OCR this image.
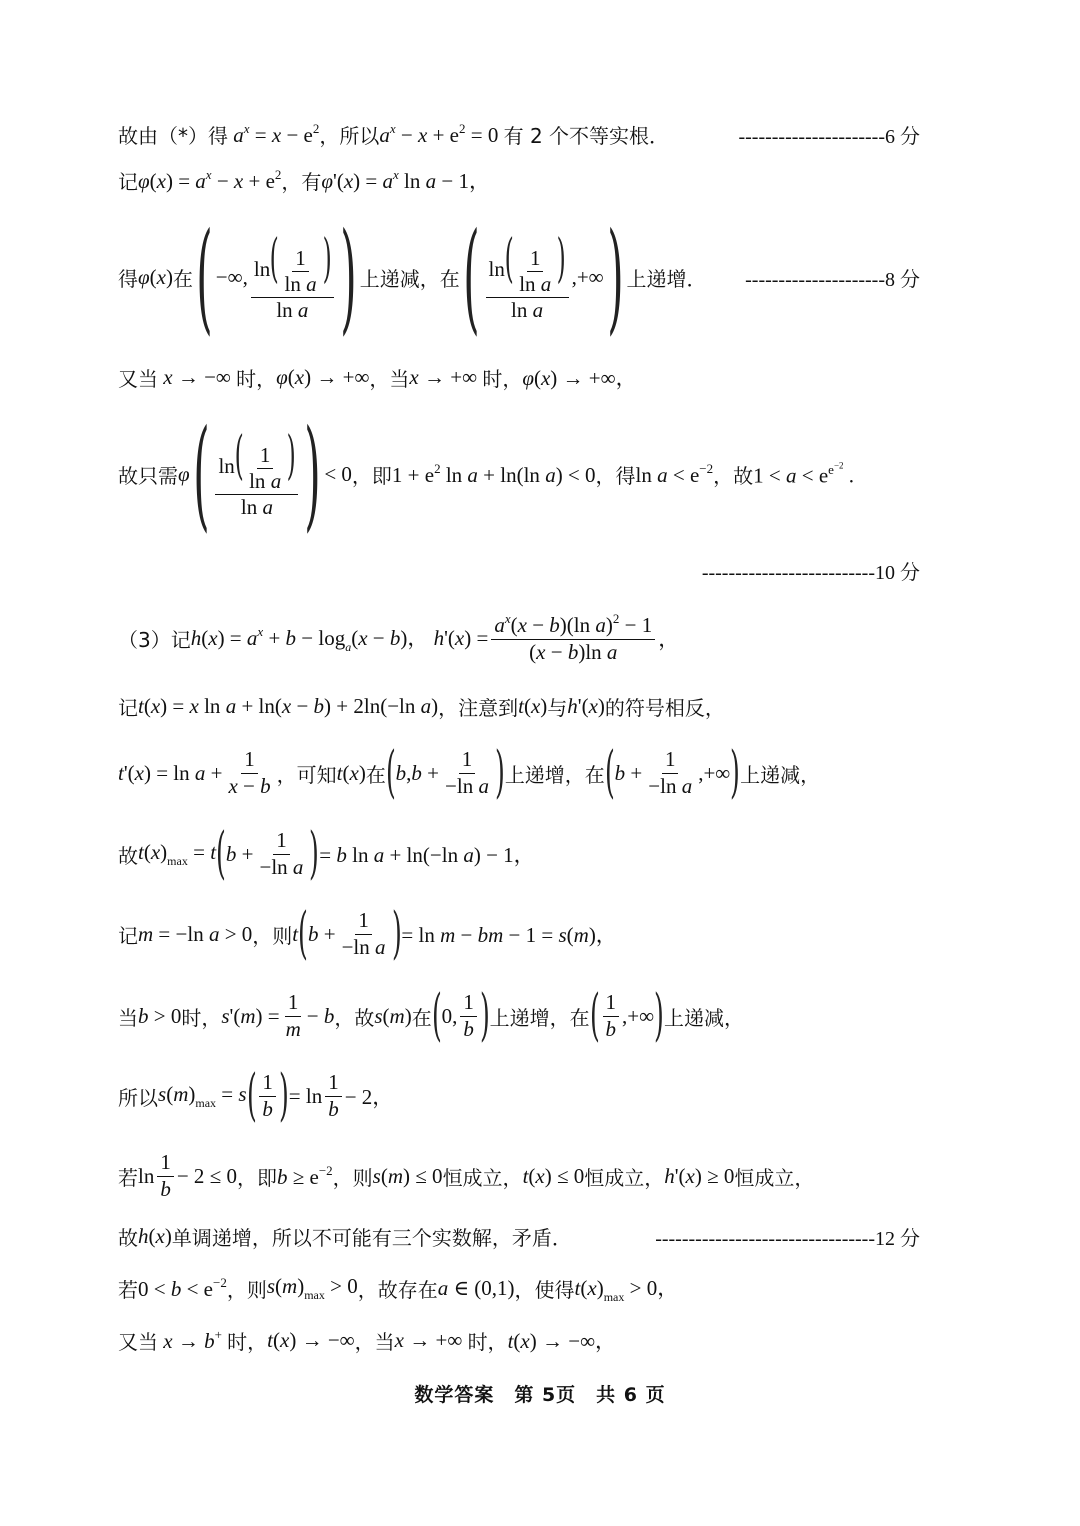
故由（*）得 $a^x = x - e^2$ ，所以 $a^x - x + e^2 = 0$ 有 2 个不等实根．	----------------------6 分
记 $\varphi(x) = a^x - x + e^2$ ，有 $\varphi'(x) = a^x$ ln a − 1，
得 φ(x) 在 ( −∞, $\frac{\ln( \frac{1}{\text{ln a}} )}{\text{ln a}}$ ) 上递减，在 ( $\frac{\ln( \frac{1}{\text{ln a}} )}{\text{ln a}}$ ,+∞ ) 上递增． ---------------------8 分
又当 x → −∞ 时， φ(x) → +∞ ，当 x → +∞ 时， φ(x) → +∞，
故只需 φ ( $\frac{\ln( \frac{1}{\text{ln a}} )}{\text{ln a}}$ ) < 0 ，即 $1 + e^2$ ln a + ln(ln a) < 0 ，得 $\ln a < e^{-2}$ ，故 $1 < a < e^{e^{-2}}$ .
--------------------------10 分
（3）记 $h(x) = a^x + b - \log_a(x - b)$， $h'(x) = \frac{a^x(x - b)(\ln a)^2 - 1}{\text{(x − b)ln a}}$ ，
记 t(x) = x ln a + ln(x − b) + 2ln(−ln a) ，注意到 t(x) 与 h'(x) 的符号相反，
$t'(x) = \ln a + \frac{1}{x - b}$ ，可知 t(x) 在 ( $b,b + \frac{1}{\text{−ln a}}$ ) 上递增，在 ( $b + \frac{1}{\text{−ln a}}$ ,+∞ ) 上递减，
故 $t(x)_{max} = t$ ( $b + \frac{1}{\text{−ln a}}$ ) = b ln a + ln(−ln a) − 1，
记 m = −ln a > 0 ，则 t ( $b + \frac{1}{\text{−ln a}}$ ) = ln m − bm − 1 = s(m)，
当 b > 0 时， $s'(m) = \frac{1}{m} - b$ ，故 s(m) 在 ( 0, $\frac{1}{b}$ ) 上递增，在 ( $\frac{1}{b}$ ,+∞ ) 上递减，
所以 $s(m)_{max} = s$ ( $\frac{1}{b}$ ) = $\ln \frac{1}{b} - 2$，
若 $\ln \frac{1}{b} - 2 \le 0$ ，即 $b \ge e^{-2}$ ，则 s(m) ≤ 0 恒成立， t(x) ≤ 0 恒成立， h'(x) ≥ 0 恒成立，
故 h(x) 单调递增，所以不可能有三个实数解，矛盾．	---------------------------------12 分
若 $0 < b < e^{-2}$ ，则 $s(m)_{max} > 0$ ，故存在 a ∈ (0,1) ，使得 $t(x)_{max} > 0$，
又当 x → b+ 时， t(x) → −∞ ，当 x → +∞ 时， t(x) → −∞，
数学答案　第 5页　共 6 页
